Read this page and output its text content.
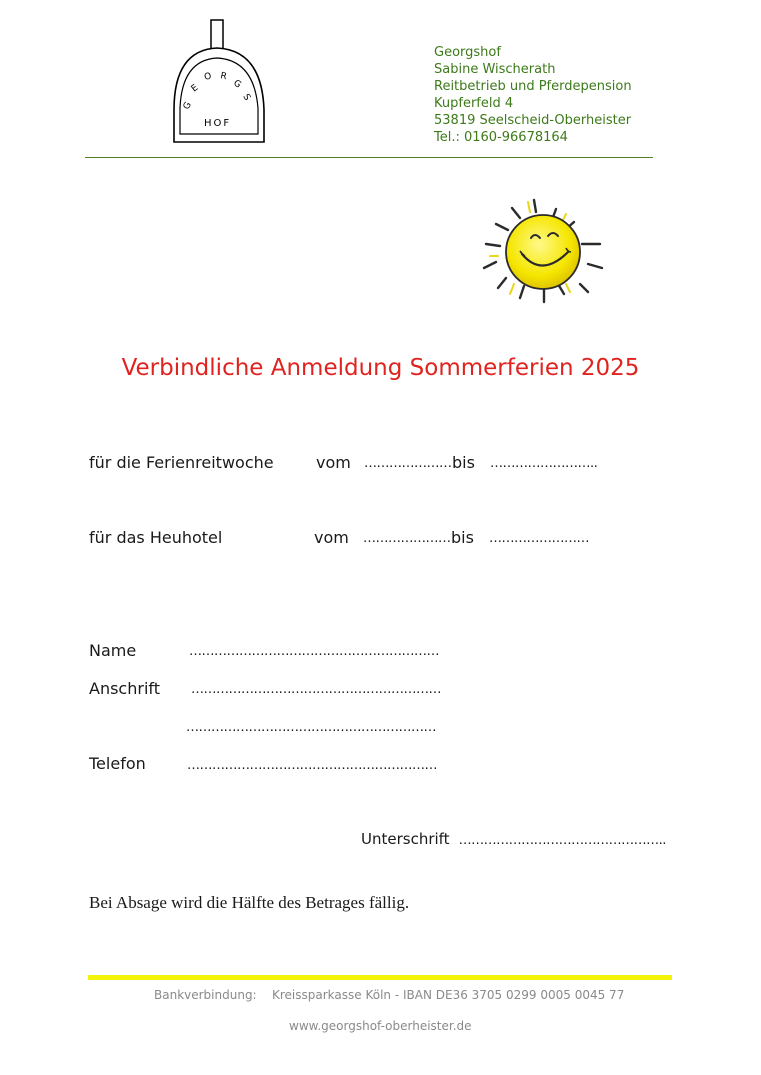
G
E
O R
G
S
HOF
Georgshof
Sabine Wischerath
Reitbetrieb und Pferdepension
Kupferfeld 4
53819 Seelscheid-Oberheister
Tel.: 0160-96678164
Verbindliche Anmeldung Sommerferien 2025
für die Ferienreitwoche	vom ………………… bis ……………………..
für das Heuhotel	vom ………………… bis ……………………
Name	……………………………………………………
Anschrift ……………………………………………………
……………………………………………………
Telefon	……………………………………………………
Unterschrift …………………………………………..
Bei Absage wird die Hälfte des Betrages fällig.
Bankverbindung: Kreissparkasse Köln - IBAN DE36 3705 0299 0005 0045 77
www.georgshof-oberheister.de
